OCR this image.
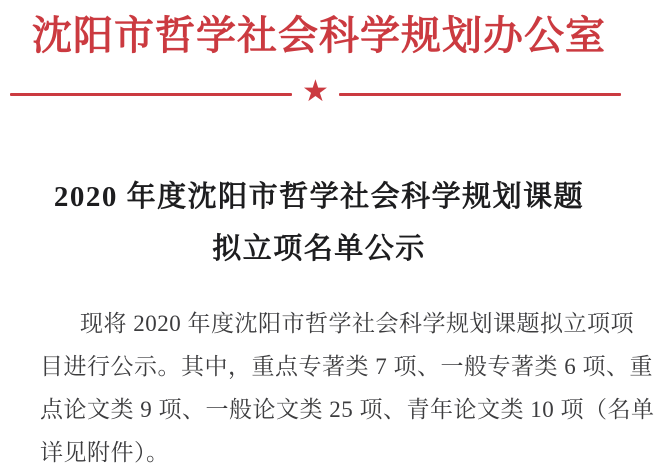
沈阳市哲学社会科学规划办公室
★
2020 年度沈阳市哲学社会科学规划课题
拟立项名单公示
现将 2020 年度沈阳市哲学社会科学规划课题拟立项项
目进行公示。其中，重点专著类 7 项、一般专著类 6 项、重
点论文类 9 项、一般论文类 25 项、青年论文类 10 项（名单
详见附件）。
